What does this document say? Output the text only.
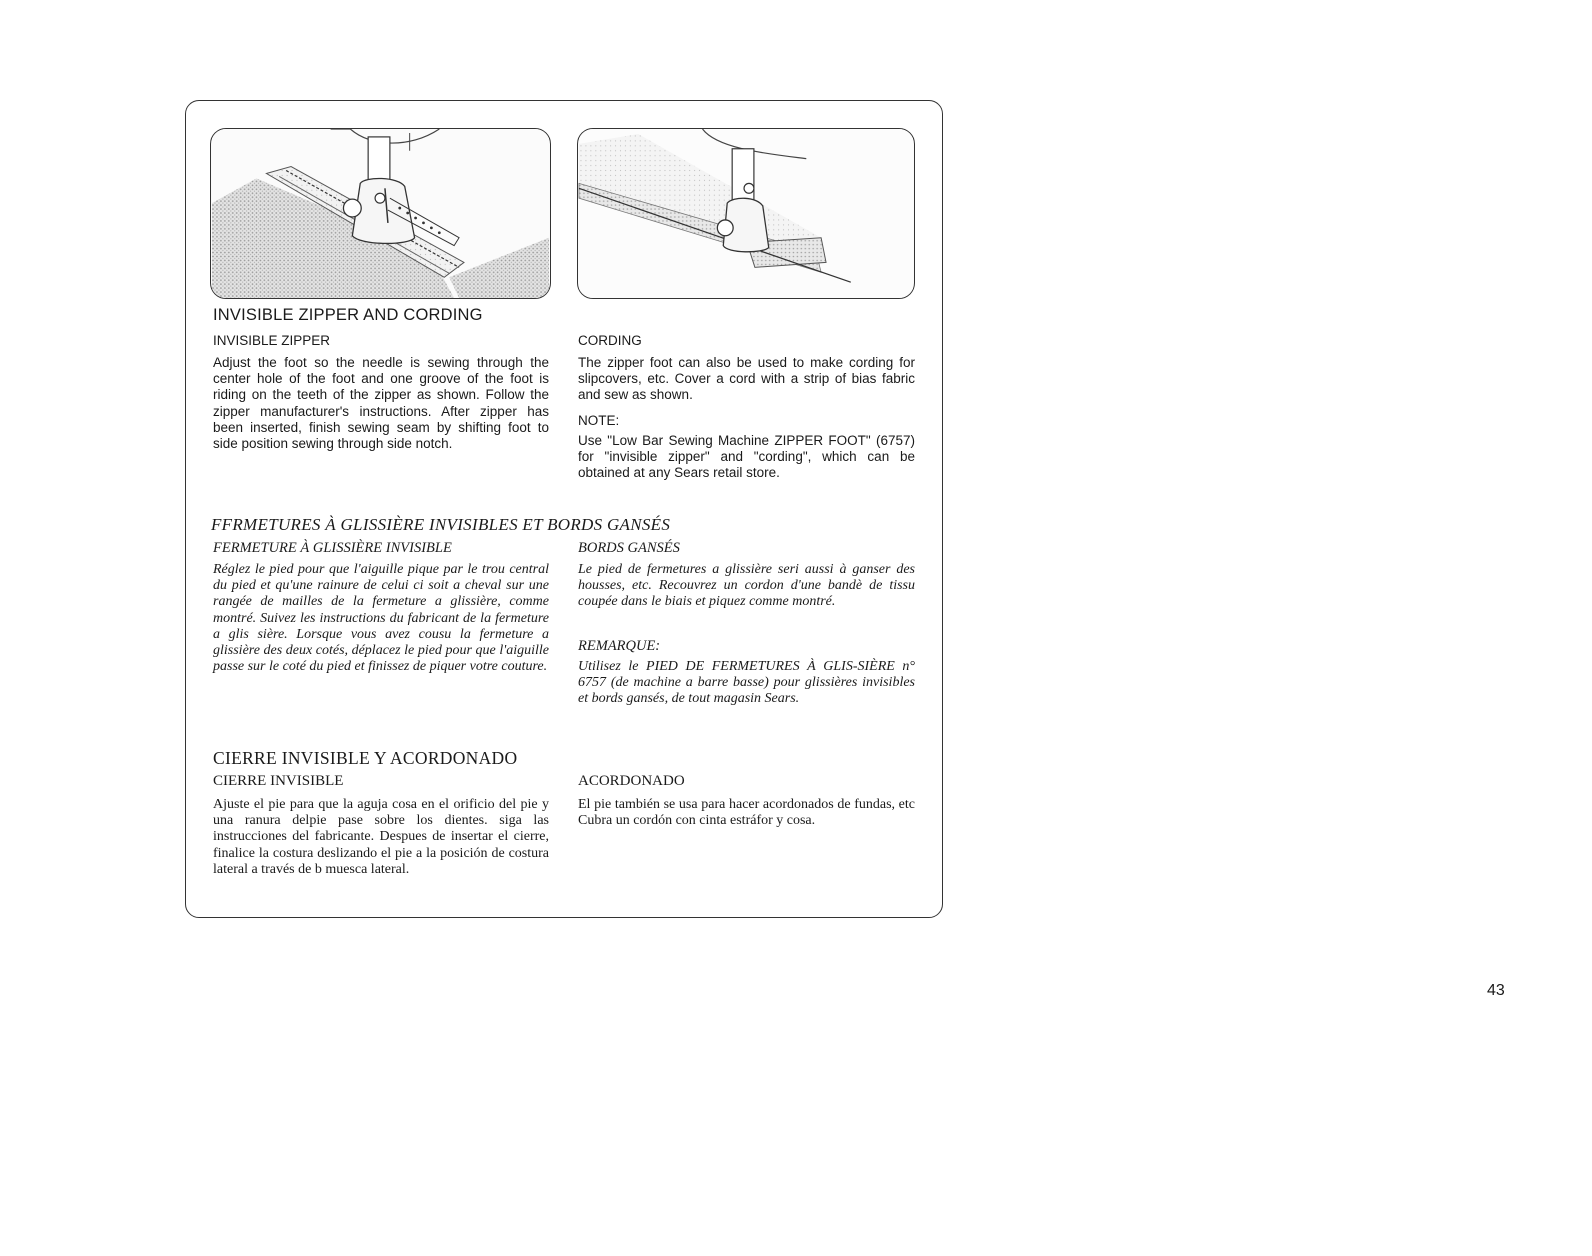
INVISIBLE ZIPPER AND CORDING
INVISIBLE ZIPPER

Adjust the foot so the needle is sewing through the center hole of the foot and one groove of the foot is riding on the teeth of the zipper as shown. Follow the zipper manufacturer's instructions. After zipper has been inserted, finish sewing seam by shifting foot to side position sewing through side notch.

CORDING

The zipper foot can also be used to make cording for slipcovers, etc. Cover a cord with a strip of bias fabric and sew as shown.

NOTE:

Use "Low Bar Sewing Machine ZIPPER FOOT" (6757) for "invisible zipper" and "cording", which can be obtained at any Sears retail store.

FFRMETURES À GLISSIÈRE INVISIBLES ET BORDS GANSÉS
FERMETURE À GLISSIÈRE INVISIBLE

Réglez le pied pour que l'aiguille pique par le trou central du pied et qu'une rainure de celui ci soit a cheval sur une rangée de mailles de la fermeture a glissière, comme montré. Suivez les instructions du fabricant de la fermeture a glis sière. Lorsque vous avez cousu la fermeture a glissière des deux cotés, déplacez le pied pour que l'aiguille passe sur le coté du pied et finissez de piquer votre couture.

BORDS GANSÉS

Le pied de fermetures a glissière seri aussi à ganser des housses, etc. Recouvrez un cordon d'une bandè de tissu coupée dans le biais et piquez comme montré.

REMARQUE:

Utilisez le PIED DE FERMETURES À GLIS-SIÈRE n° 6757 (de machine a barre basse) pour glissières invisibles et bords gansés, de tout magasin Sears.

CIERRE INVISIBLE Y ACORDONADO
CIERRE INVISIBLE

Ajuste el pie para que la aguja cosa en el orificio del pie y una ranura delpie pase sobre los dientes. siga las instrucciones del fabricante. Despues de insertar el cierre, finalice la costura deslizando el pie a la posición de costura lateral a través de b muesca lateral.

ACORDONADO

El pie también se usa para hacer acordonados de fundas, etc Cubra un cordón con cinta estráfor y cosa.

43
